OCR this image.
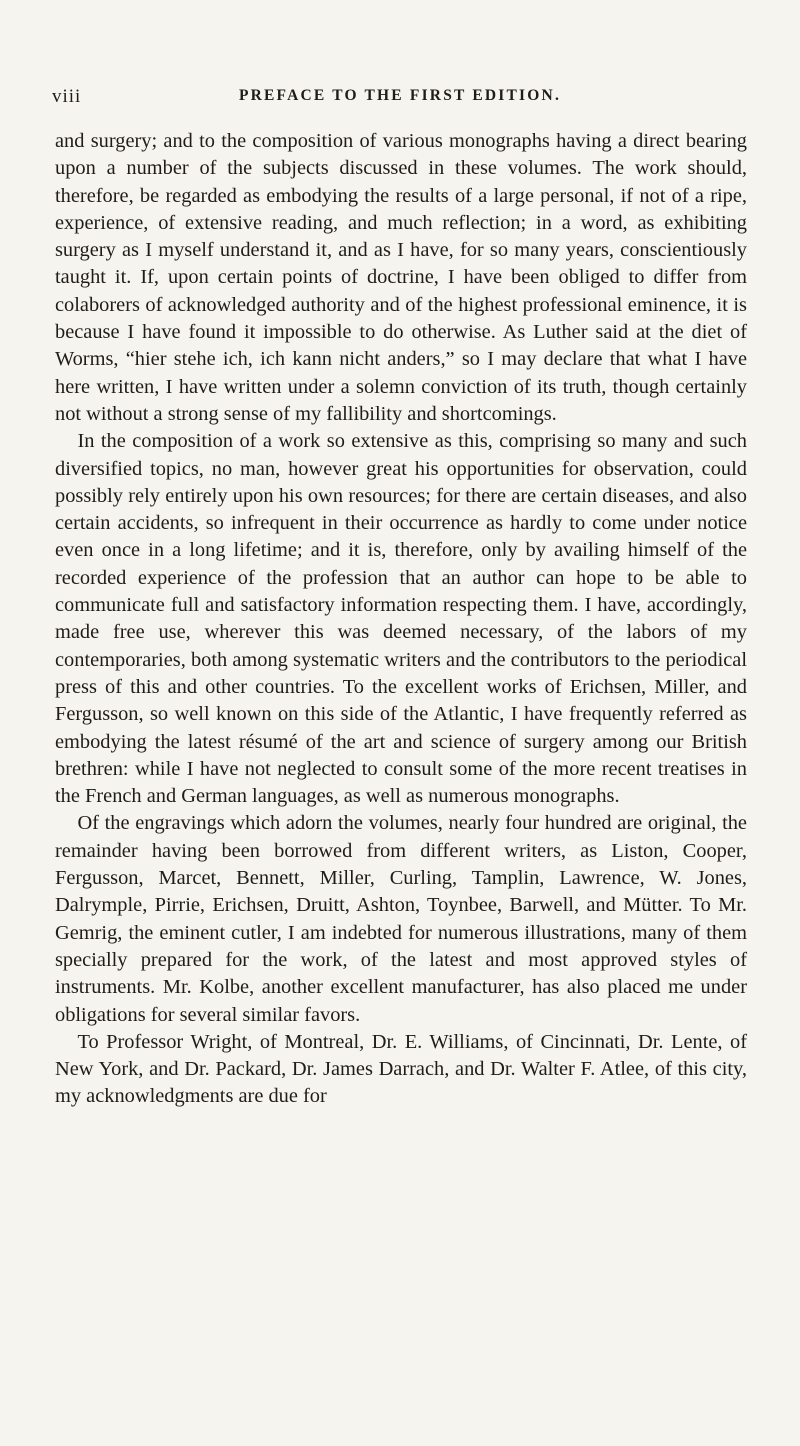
viii	PREFACE TO THE FIRST EDITION.

and surgery; and to the composition of various monographs having a direct bearing upon a number of the subjects discussed in these volumes. The work should, therefore, be regarded as embodying the results of a large personal, if not of a ripe, experience, of extensive reading, and much reflection; in a word, as exhibiting surgery as I myself understand it, and as I have, for so many years, conscientiously taught it. If, upon certain points of doctrine, I have been obliged to differ from colaborers of acknowledged authority and of the highest professional eminence, it is because I have found it impossible to do otherwise. As Luther said at the diet of Worms, “hier stehe ich, ich kann nicht anders,” so I may declare that what I have here written, I have written under a solemn conviction of its truth, though certainly not without a strong sense of my fallibility and shortcomings.

In the composition of a work so extensive as this, comprising so many and such diversified topics, no man, however great his opportunities for observation, could possibly rely entirely upon his own resources; for there are certain diseases, and also certain accidents, so infrequent in their occurrence as hardly to come under notice even once in a long lifetime; and it is, therefore, only by availing himself of the recorded experience of the profession that an author can hope to be able to communicate full and satisfactory information respecting them. I have, accordingly, made free use, wherever this was deemed necessary, of the labors of my contemporaries, both among systematic writers and the contributors to the periodical press of this and other countries. To the excellent works of Erichsen, Miller, and Fergusson, so well known on this side of the Atlantic, I have frequently referred as embodying the latest résumé of the art and science of surgery among our British brethren: while I have not neglected to consult some of the more recent treatises in the French and German languages, as well as numerous monographs.

Of the engravings which adorn the volumes, nearly four hundred are original, the remainder having been borrowed from different writers, as Liston, Cooper, Fergusson, Marcet, Bennett, Miller, Curling, Tamplin, Lawrence, W. Jones, Dalrymple, Pirrie, Erichsen, Druitt, Ashton, Toynbee, Barwell, and Mütter. To Mr. Gemrig, the eminent cutler, I am indebted for numerous illustrations, many of them specially prepared for the work, of the latest and most approved styles of instruments. Mr. Kolbe, another excellent manufacturer, has also placed me under obligations for several similar favors.

To Professor Wright, of Montreal, Dr. E. Williams, of Cincinnati, Dr. Lente, of New York, and Dr. Packard, Dr. James Darrach, and Dr. Walter F. Atlee, of this city, my acknowledgments are due for
